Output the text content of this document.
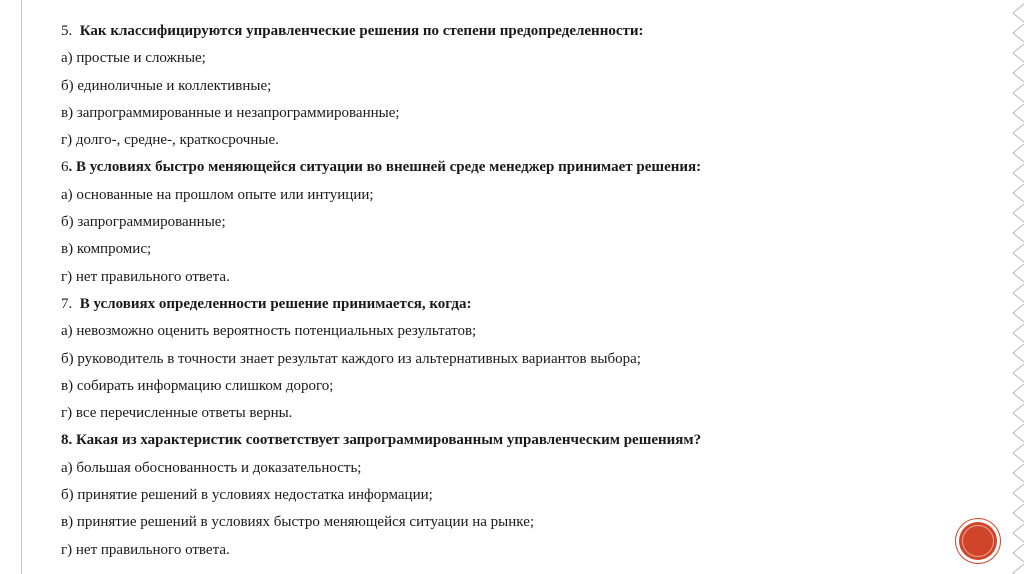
5. Как классифицируются управленческие решения по степени предопределенности:
а) простые и сложные;
б) единоличные и коллективные;
в) запрограммированные и незапрограммированные;
г) долго-, средне-, краткосрочные.
6. В условиях быстро меняющейся ситуации во внешней среде менеджер принимает решения:
а) основанные на прошлом опыте или интуиции;
б) запрограммированные;
в) компромис;
г) нет правильного ответа.
7. В условиях определенности решение принимается, когда:
а) невозможно оценить вероятность потенциальных результатов;
б) руководитель в точности знает результат каждого из альтернативных вариантов выбора;
в) собирать информацию слишком дорого;
г) все перечисленные ответы верны.
8. Какая из характеристик соответствует запрограммированным управленческим решениям?
а) большая обоснованность и доказательность;
б) принятие решений в условиях недостатка информации;
в) принятие решений в условиях быстро меняющейся ситуации на рынке;
г) нет правильного ответа.
